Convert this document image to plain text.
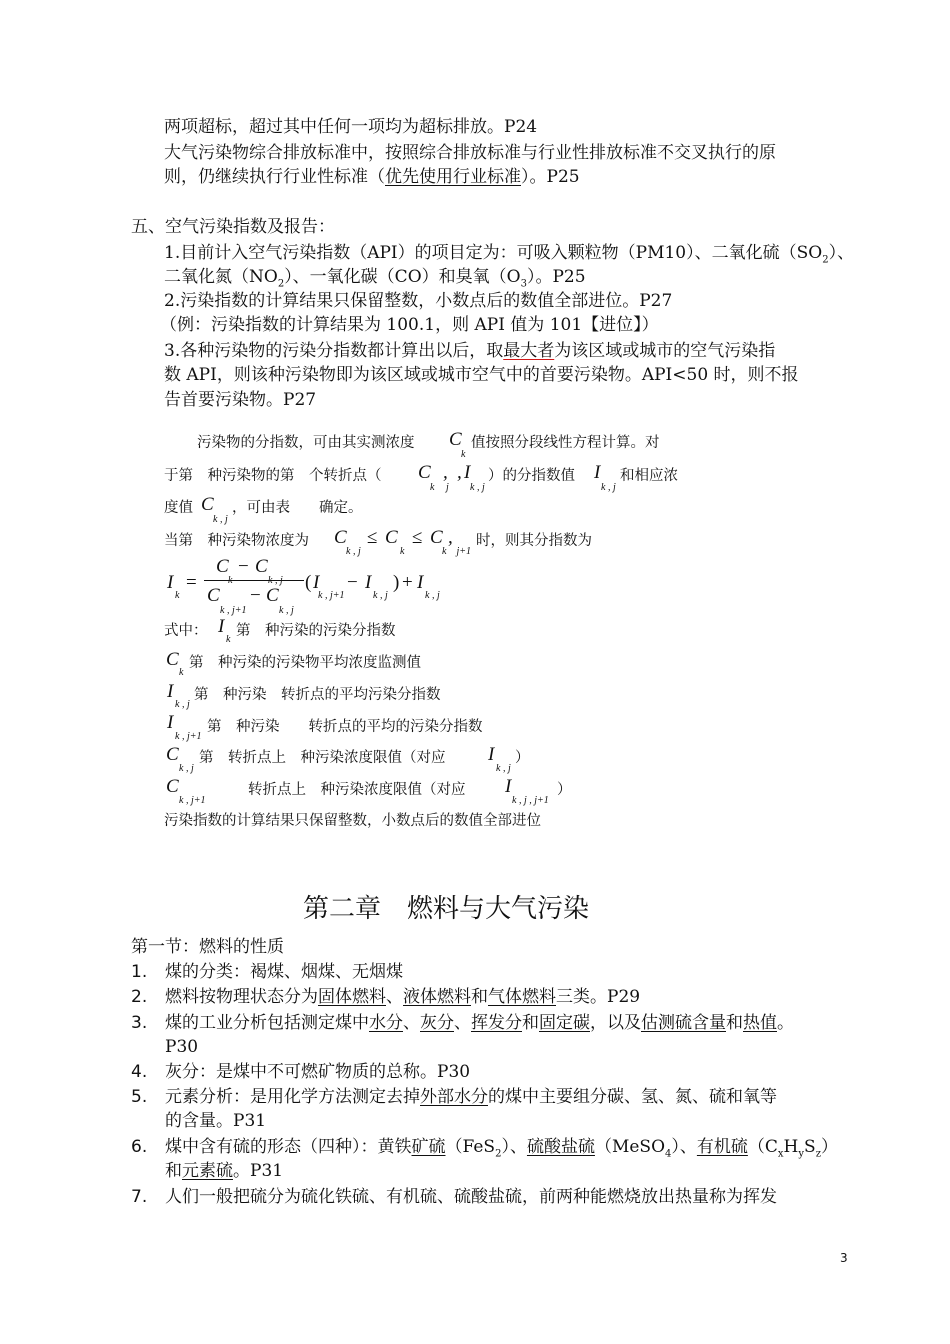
两项超标，超过其中任何一项均为超标排放。P24
大气污染物综合排放标准中，按照综合排放标准与行业性排放标准不交叉执行的原
则，仍继续执行行业性标准（优先使用行业标准）。P25
五、空气污染指数及报告：
1.目前计入空气污染指数（API）的项目定为：可吸入颗粒物（PM10）、二氧化硫$(SO_2)$、
二氧化氮$(NO_2)$、一氧化碳（CO）和臭氧$(O_3)$。P25
2.污染指数的计算结果只保留整数，小数点后的数值全部进位。P27
（例：污染指数的计算结果为 100.1，则 API 值为 101【进位】）
3.各种污染物的污染分指数都计算出以后，取最大者为该区域或城市的空气污染指
数 API，则该种污染物即为该区域或城市空气中的首要污染物。API<50 时，则不报
告首要污染物。P27
污染物的分指数，可由其实测浓度 C
k
值按照分段线性方程计算。对
于第　种污染物的第　个转折点（ C
k
,
j
, I
k , j
）的分指数值 I
k , j
和相应浓
度值 C
k , j
，可由表　　确定。
当第　种污染物浓度为 C
k , j
≤ C
k
≤ C ,
k　j+1
时，则其分指数为
I
k
=
C − C
C
k , j+1
− C
k , j
( I
k , j+1
− I
k , j
) + I
k , j
式中： I
k
第　种污染的污染分指数
C
k
第　种污染的污染物平均浓度监测值
I
k , j
第　种污染　转折点的平均污染分指数
I
k , j+1
第　种污染　　转折点的平均的污染分指数
C
k , j
第　转折点上　种污染浓度限值（对应 I
k , j
）
C
k , j+1
转折点上　种污染浓度限值（对应 I
k , j , j+1
）
污染指数的计算结果只保留整数，小数点后的数值全部进位
第二章　燃料与大气污染
第一节：燃料的性质
1. 煤的分类：褐煤、烟煤、无烟煤
2. 燃料按物理状态分为固体燃料、液体燃料和气体燃料三类。P29
3. 煤的工业分析包括测定煤中水分、灰分、挥发分和固定碳，以及估测硫含量和热值。
P30
4. 灰分：是煤中不可燃矿物质的总称。P30
5. 元素分析：是用化学方法测定去掉外部水分的煤中主要组分碳、氢、氮、硫和氧等
的含量。P31
6. 煤中含有硫的形态（四种）：黄铁矿硫（FeS$_2$）、硫酸盐硫（MeSO$_4$）、有机硫$(C_xH_yS_z)$
和元素硫。P31
7. 人们一般把硫分为硫化铁硫、有机硫、硫酸盐硫，前两种能燃烧放出热量称为挥发
3
